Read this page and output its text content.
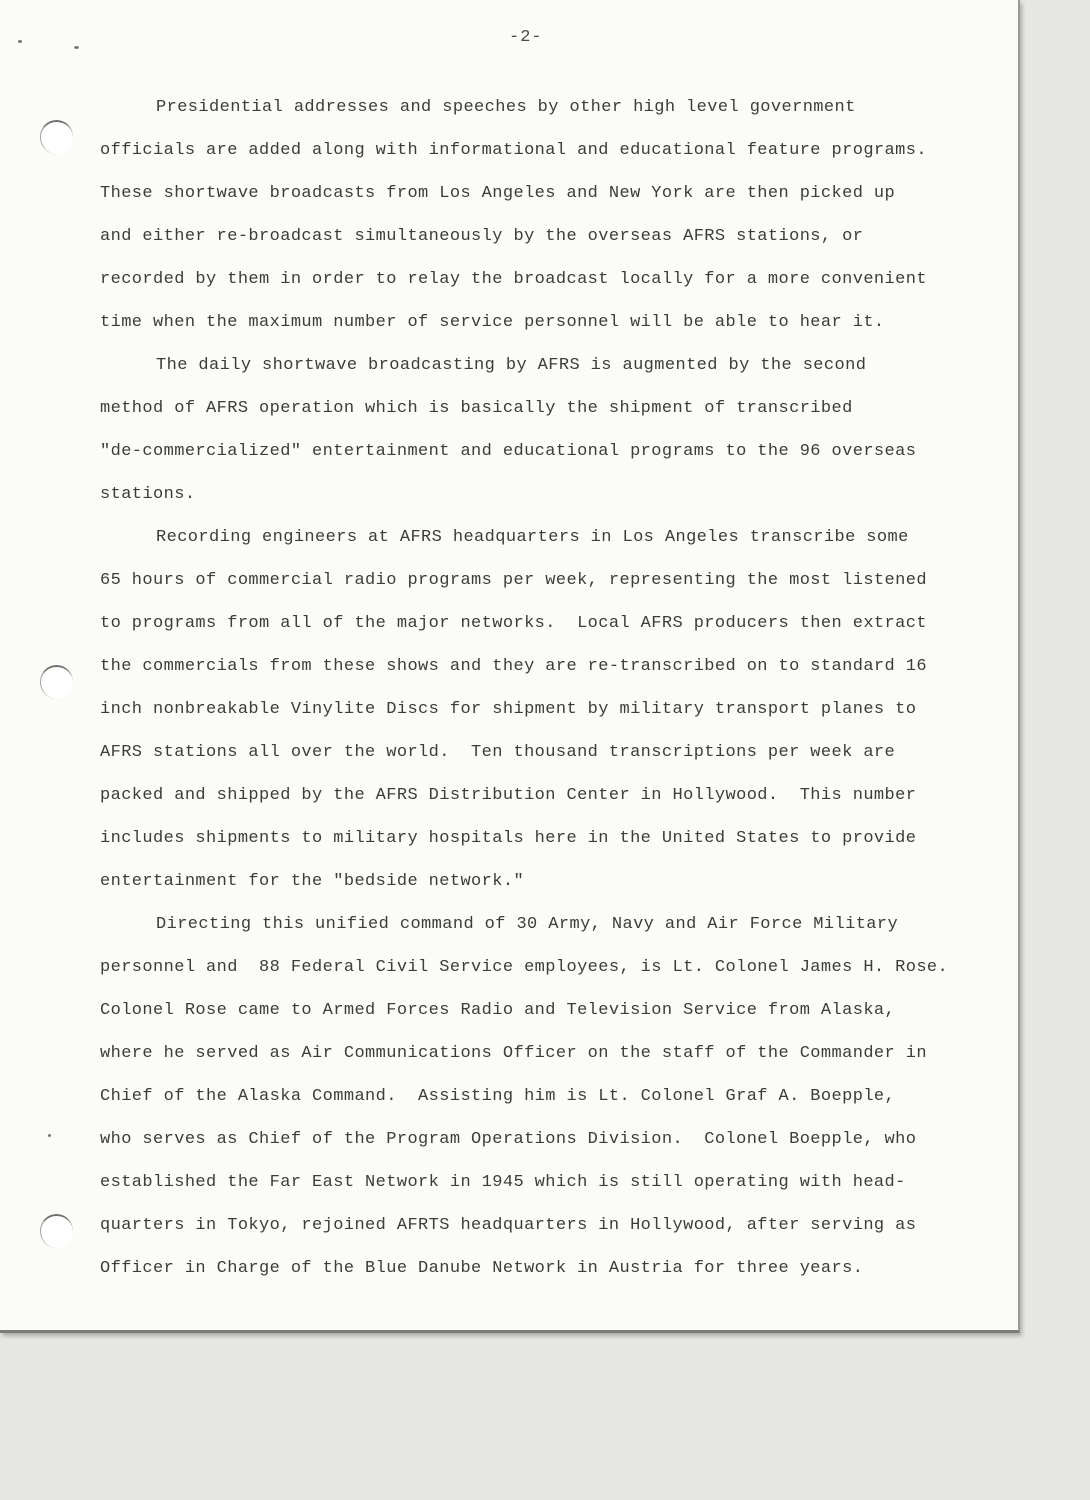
-2-
Presidential addresses and speeches by other high level government
officials are added along with informational and educational feature programs.
These shortwave broadcasts from Los Angeles and New York are then picked up
and either re-broadcast simultaneously by the overseas AFRS stations, or
recorded by them in order to relay the broadcast locally for a more convenient
time when the maximum number of service personnel will be able to hear it.
The daily shortwave broadcasting by AFRS is augmented by the second
method of AFRS operation which is basically the shipment of transcribed
"de-commercialized" entertainment and educational programs to the 96 overseas
stations.
Recording engineers at AFRS headquarters in Los Angeles transcribe some
65 hours of commercial radio programs per week, representing the most listened
to programs from all of the major networks.  Local AFRS producers then extract
the commercials from these shows and they are re-transcribed on to standard 16
inch nonbreakable Vinylite Discs for shipment by military transport planes to
AFRS stations all over the world.  Ten thousand transcriptions per week are
packed and shipped by the AFRS Distribution Center in Hollywood.  This number
includes shipments to military hospitals here in the United States to provide
entertainment for the "bedside network."
Directing this unified command of 30 Army, Navy and Air Force Military
personnel and  88 Federal Civil Service employees, is Lt. Colonel James H. Rose.
Colonel Rose came to Armed Forces Radio and Television Service from Alaska,
where he served as Air Communications Officer on the staff of the Commander in
Chief of the Alaska Command.  Assisting him is Lt. Colonel Graf A. Boepple,
who serves as Chief of the Program Operations Division.  Colonel Boepple, who
established the Far East Network in 1945 which is still operating with head-
quarters in Tokyo, rejoined AFRTS headquarters in Hollywood, after serving as
Officer in Charge of the Blue Danube Network in Austria for three years.
